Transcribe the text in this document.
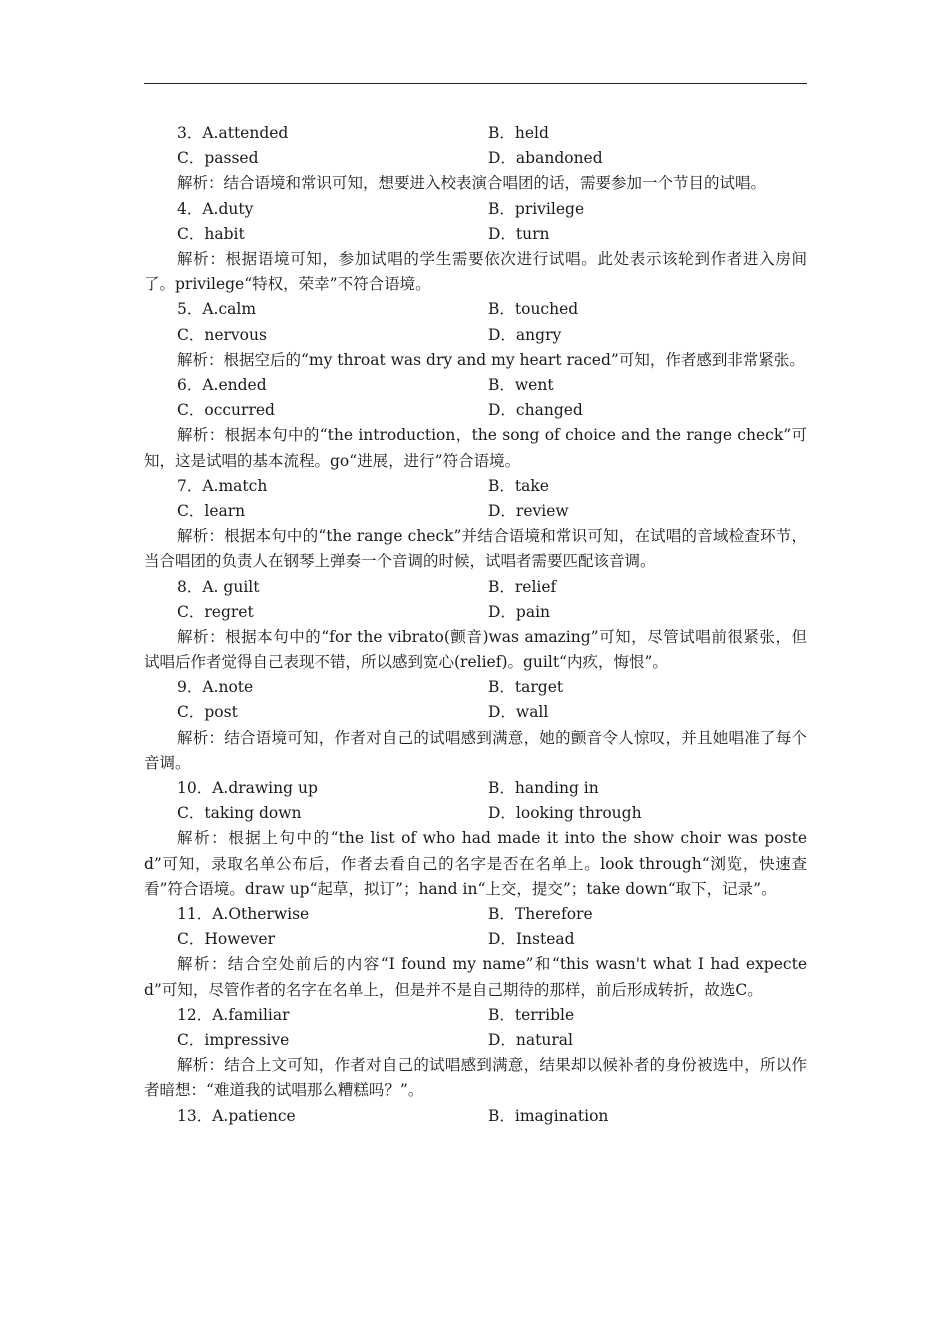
3．A.attended	B．held
C．passed	D．abandoned

解析：结合语境和常识可知，想要进入校表演合唱团的话，需要参加一个节目的试唱。

4．A.duty	B．privilege
C．habit	D．turn

解析：根据语境可知，参加试唱的学生需要依次进行试唱。此处表示该轮到作者进入房间了。privilege“特权，荣幸”不符合语境。

5．A.calm	B．touched
C．nervous	D．angry

解析：根据空后的“my throat was dry and my heart raced”可知，作者感到非常紧张。

6．A.ended	B．went
C．occurred	D．changed

解析：根据本句中的“the introduction，the song of choice and the range check”可知，这是试唱的基本流程。go“进展，进行”符合语境。

7．A.match	B．take
C．learn	D．review

解析：根据本句中的“the range check”并结合语境和常识可知，在试唱的音域检查环节，当合唱团的负责人在钢琴上弹奏一个音调的时候，试唱者需要匹配该音调。

8．A. guilt	B．relief
C．regret	D．pain

解析：根据本句中的“for the vibrato(颤音)was amazing”可知，尽管试唱前很紧张，但试唱后作者觉得自己表现不错，所以感到宽心(relief)。guilt“内疚，悔恨”。

9．A.note	B．target
C．post	D．wall

解析：结合语境可知，作者对自己的试唱感到满意，她的颤音令人惊叹，并且她唱准了每个音调。

10．A.drawing up	B．handing in
C．taking down	D．looking through

解析：根据上句中的“the list of who had made it into the show choir was posted”可知，录取名单公布后，作者去看自己的名字是否在名单上。look through“浏览，快速查看”符合语境。draw up“起草，拟订”；hand in“上交，提交”；take down“取下，记录”。

11．A.Otherwise	B．Therefore
C．However	D．Instead

解析：结合空处前后的内容“I found my name”和“this wasn't what I had expected”可知，尽管作者的名字在名单上，但是并不是自己期待的那样，前后形成转折，故选C。

12．A.familiar	B．terrible
C．impressive	D．natural

解析：结合上文可知，作者对自己的试唱感到满意，结果却以候补者的身份被选中，所以作者暗想：“难道我的试唱那么糟糕吗？”。

13．A.patience	B．imagination
